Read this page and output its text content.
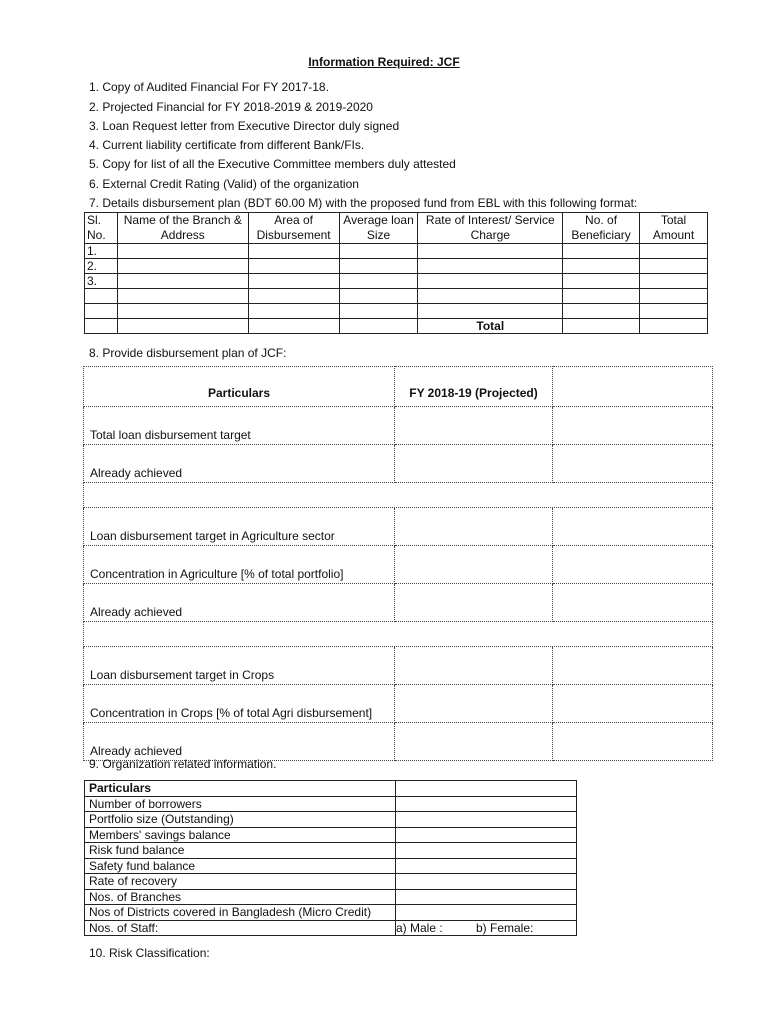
Information Required: JCF
1. Copy of Audited Financial For FY 2017-18.
2. Projected Financial for FY 2018-2019 & 2019-2020
3. Loan Request letter from Executive Director duly signed
4. Current liability certificate from different Bank/FIs.
5. Copy for list of all the Executive Committee members duly attested
6. External Credit Rating (Valid) of the organization
7. Details disbursement plan (BDT 60.00 M) with the proposed fund from EBL with this following format:
Sl. No.	Name of the Branch & Address	Area of Disbursement	Average loan Size	Rate of Interest/ Service Charge	No. of Beneficiary	Total Amount
1.						
2.						
3.						

				Total		
8. Provide disbursement plan of JCF:
Particulars	FY 2018-19 (Projected)	
Total loan disbursement target		
Already achieved		

Loan disbursement target in Agriculture sector		
Concentration in Agriculture [% of total portfolio]		
Already achieved		

Loan disbursement target in Crops		
Concentration in Crops [% of total Agri disbursement]		
Already achieved		
9. Organization related information.
Particulars	
Number of borrowers	
Portfolio size (Outstanding)	
Members' savings balance	
Risk fund balance	
Safety fund balance	
Rate of recovery	
Nos. of Branches	
Nos of Districts covered in Bangladesh (Micro Credit)	
Nos. of Staff:	a) Male : b) Female:
10. Risk Classification:
